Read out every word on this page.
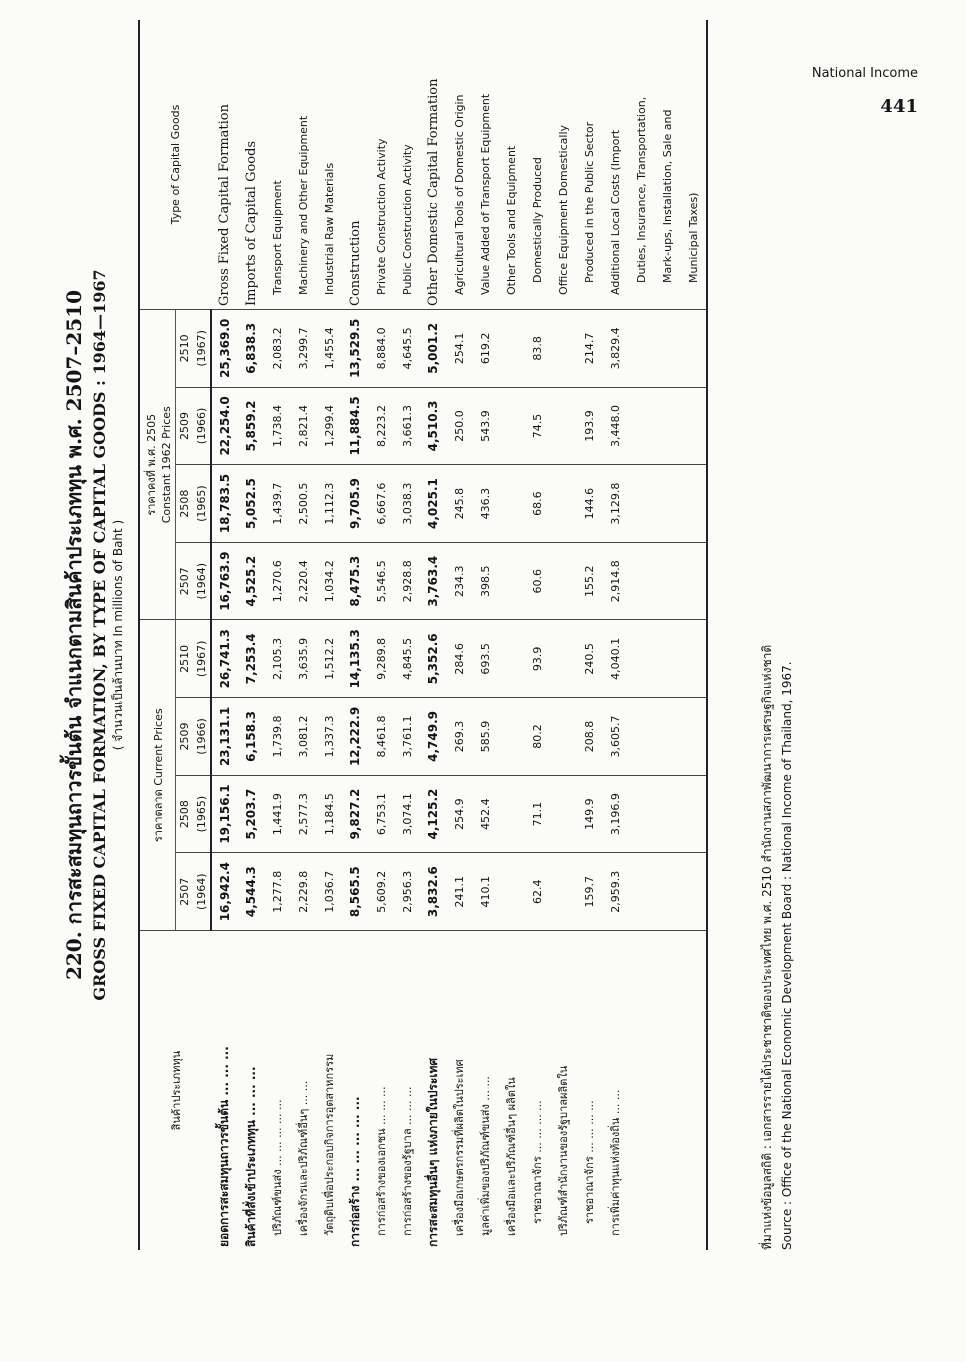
National Income
441
220. การสะสมทุนถาวรขั้นต้น จำแนกตามสินค้าประเภททุน พ.ศ. 2507–2510 GROSS FIXED CAPITAL FORMATION, BY TYPE OF CAPITAL GOODS : 1964—1967 ( จำนวนเป็นล้านบาท In millions of Baht )
สินค้าประเภททุน	ราคาตลาด Current Prices				ราคาคงที่ พ.ศ. 2505
Constant 1962 Prices				Type of Capital Goods
	2507	2508	2509	2510	2507	2508	2509	2510	
	(1964)	(1965)	(1966)	(1967)	(1964)	(1965)	(1966)	(1967)	
ยอดการสะสมทุนถาวรขั้นต้น ... ... ...	16,942.4	19,156.1	23,131.1	26,741.3	16,763.9	18,783.5	22,254.0	25,369.0	Gross Fixed Capital Formation
สินค้าที่สั่งเข้าประเภททุน ... ... ...	4,544.3	5,203.7	6,158.3	7,253.4	4,525.2	5,052.5	5,859.2	6,838.3	Imports of Capital Goods
ปริภัณฑ์ขนส่ง ... ... ... ... ...	1,277.8	1,441.9	1,739.8	2,105.3	1,270.6	1,439.7	1,738.4	2,083.2	Transport Equipment
เครื่องจักรและปริภัณฑ์อื่นๆ ... ...	2,229.8	2,577.3	3,081.2	3,635.9	2,220.4	2,500.5	2,821.4	3,299.7	Machinery and Other Equipment
วัตถุดิบเพื่อประกอบกิจการอุตสาหกรรม	1,036.7	1,184.5	1,337.3	1,512.2	1,034.2	1,112.3	1,299.4	1,455.4	Industrial Raw Materials
การก่อสร้าง ... ... ... ... ...	8,565.5	9,827.2	12,222.9	14,135.3	8,475.3	9,705.9	11,884.5	13,529.5	Construction
การก่อสร้างของเอกชน ... ... ...	5,609.2	6,753.1	8,461.8	9,289.8	5,546.5	6,667.6	8,223.2	8,884.0	Private Construction Activity
การก่อสร้างของรัฐบาล ... ... ...	2,956.3	3,074.1	3,761.1	4,845.5	2,928.8	3,038.3	3,661.3	4,645.5	Public Construction Activity
การสะสมทุนอื่นๆ แห่งภายในประเทศ	3,832.6	4,125.2	4,749.9	5,352.6	3,763.4	4,025.1	4,510.3	5,001.2	Other Domestic Capital Formation
เครื่องมือเกษตรกรรมที่ผลิตในประเทศ	241.1	254.9	269.3	284.6	234.3	245.8	250.0	254.1	Agricultural Tools of Domestic Origin
มูลค่าเพิ่มของปริภัณฑ์ขนส่ง ... ...	410.1	452.4	585.9	693.5	398.5	436.3	543.9	619.2	Value Added of Transport Equipment
เครื่องมือและปริภัณฑ์อื่นๆ ผลิตใน									Other Tools and Equipment
ราชอาณาจักร ... ... ... ...	62.4	71.1	80.2	93.9	60.6	68.6	74.5	83.8	Domestically Produced
ปริภัณฑ์สำนักงานของรัฐบาลผลิตใน									Office Equipment Domestically
ราชอาณาจักร ... ... ... ...	159.7	149.9	208.8	240.5	155.2	144.6	193.9	214.7	Produced in the Public Sector
การเพิ่มค่าทุนแห่งท้องถิ่น ... ...	2,959.3	3,196.9	3,605.7	4,040.1	2,914.8	3,129.8	3,448.0	3,829.4	Additional Local Costs (Import
									Duties, Insurance, Transportation,
									Mark-ups, Installation, Sale and
									Municipal Taxes)
ที่มาแห่งข้อมูลสถิติ : เอกสารรายได้ประชาชาติของประเทศไทย พ.ศ. 2510 สำนักงานสภาพัฒนาการเศรษฐกิจแห่งชาติ Source : Office of the National Economic Development Board : National Income of Thailand, 1967.
